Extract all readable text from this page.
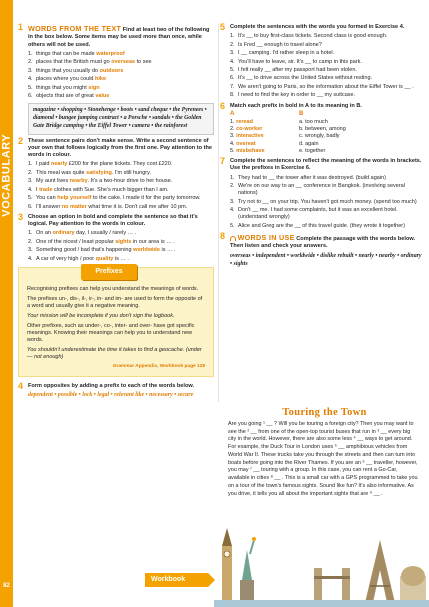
VOCABULARY
82
1 WORDS FROM THE TEXT Find at least two of the following in the box below. Some items may be used more than once, while others will not be used.
1. things that can be made waterproof
2. places that the British must go overseas to see
3. things that you usually do outdoors
4. places where you could hike
5. things that you might sign
6. objects that are of great value
magazine • shopping • Stonehenge • boots • sand cheque • the Pyrenees • diamond • bungee jumping contract • a Porsche • sandals • the Golden Gate Bridge camping • the Eiffel Tower • camera • the rainforest
2 These sentence pairs don't make sense. Write a second sentence of your own that follows logically from the first one. Pay attention to the words in colour.
1. I paid nearly £200 for the plane tickets. They cost £220.
2. This meal was quite satisfying. I'm still hungry.
3. My aunt lives nearby. It's a two-hour drive to her house.
4. I trade clothes with Sue. She's much bigger than I am.
5. You can help yourself to the cake. I made it for the party tomorrow.
6. I'll answer no matter what time it is. Don't call me after 10 pm.
3 Choose an option in bold and complete the sentence so that it's logical. Pay attention to the words in colour.
1. On an ordinary day, I usually / rarely … .
2. One of the nicest / least popular sights in our area is … .
3. Something good / bad that's happening worldwide is … .
4. A car of very high / poor quality is … .
Prefixes

Recognising prefixes can help you understand the meanings of words.

The prefixes un-, dis-, il-, ir-, in- and im- are used to form the opposite of a word and usually give it a negative meaning.

Your mission will be incomplete if you don't sign the logbook.

Other prefixes, such as under-, co-, inter- and over- have got specific meanings. Knowing their meanings can help you to understand new words.

You shouldn't underestimate the time it takes to find a geocache. (under — not enough)

Grammar Appendix, Workbook page 128
4 Form opposites by adding a prefix to each of the words below.
dependent • possible • lock • legal • relevant like • necessary • secure
Workbook
5 Complete the sentences with the words you formed in Exercise 4.
1. It's __ to buy first-class tickets. Second class is good enough.
2. Is Fred __ enough to travel alone?
3. I __ camping. I'd rather sleep in a hotel.
4. You'll have to leave, sir. It's __ to camp in this park.
5. I felt really __ after my passport had been stolen.
6. It's __ to drive across the United States without resting.
7. We aren't going to Paris, so the information about the Eiffel Tower is __ .
8. I need to find the key in order to __ my suitcase.
6 Match each prefix in bold in A to its meaning in B.
A	B
1. reread	a. too much
2. co-worker	b. between, among
3. interactive	c. wrongly, badly
4. overeat	d. again
5. misbehave	e. together
7 Complete the sentences to reflect the meaning of the words in brackets. Use the prefixes in Exercise 6.
1. They had to __ the tower after it was destroyed. (build again)
2. We're on our way to an __ conference in Bangkok. (involving several nations)
3. Try not to __ on your trip. You haven't got much money. (spend too much)
4. Don't __ me. I had some complaints, but it was an excellent hotel. (understand wrongly)
5. Alice and Greg are the __ of this travel guide. (they wrote it together)
8	WORDS IN USE Complete the passage with the words below. Then listen and check your answers.
overseas • independent • worldwide • dislike rebuilt • nearly • nearby • ordinary • sights
Touring the Town

Are you going ¹ __ ? Will you be touring a foreign city? Then you may want to see the ² __ from one of the open-top tourist buses that run in ³ __ every big city in the world. However, there are also some less ⁴ __ ways to get around. For example, the Duck Tour in London uses ⁵ __ amphibious vehicles from World War II. These trucks take you through the streets and then can turn into boats before going into the River Thames. If you are an ⁶ __ traveller, however, you may ⁷ __ touring with a group. In this case, you can rent a Go-Car, available in cities ⁸ __ . This is a small car with a GPS programmed to take you on a tour of the town's famous sights. Sound like fun? It's also informative. As you drive, it tells you all about the important sights that are ⁹ __ .
